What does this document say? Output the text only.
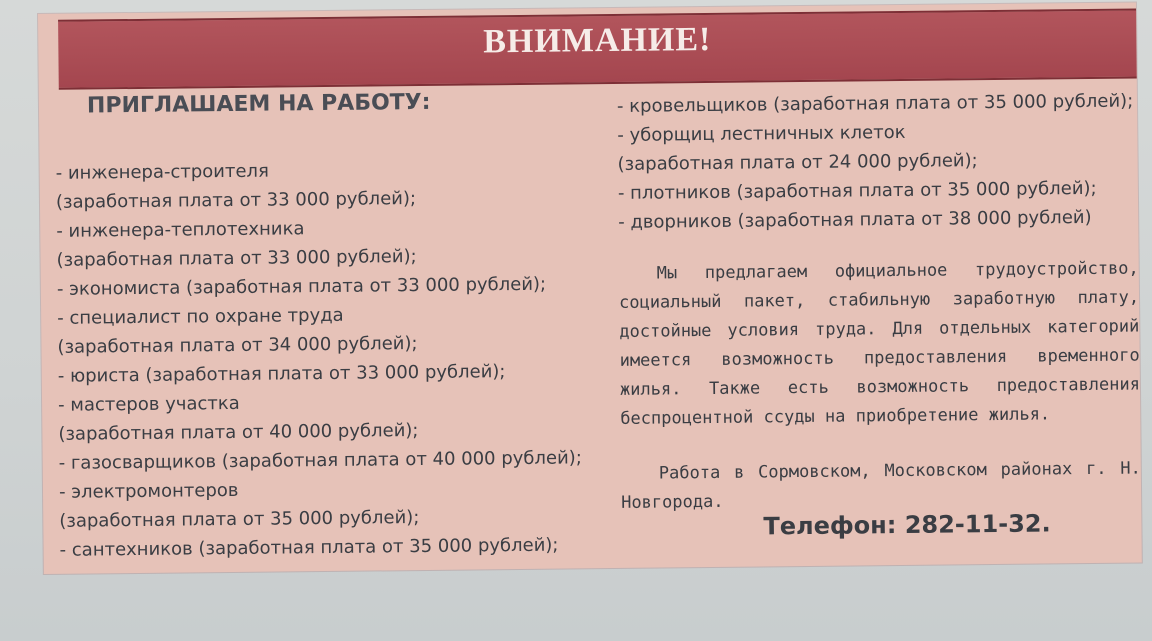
ВНИМАНИЕ!
ПРИГЛАШАЕМ НА РАБОТУ:
- инженера-строителя
(заработная плата от 33 000 рублей);
- инженера-теплотехника
(заработная плата от 33 000 рублей);
- экономиста (заработная плата от 33 000 рублей);
- специалист по охране труда
(заработная плата от 34 000 рублей);
- юриста (заработная плата от 33 000 рублей);
- мастеров участка
(заработная плата от 40 000 рублей);
- газосварщиков (заработная плата от 40 000 рублей);
- электромонтеров
(заработная плата от 35 000 рублей);
- сантехников (заработная плата от 35 000 рублей);
- кровельщиков (заработная плата от 35 000 рублей);
- уборщиц лестничных клеток
(заработная плата от 24 000 рублей);
- плотников (заработная плата от 35 000 рублей);
- дворников (заработная плата от 38 000 рублей)

Мы предлагаем официальное трудоустройство, социальный пакет, стабильную заработную плату, достойные условия труда. Для отдельных категорий имеется возможность предоставления временного жилья. Также есть возможность предоставления беспроцентной ссуды на приобретение жилья.

Работа в Сормовском, Московском районах г. Н. Новгорода.

Телефон: 282-11-32.
